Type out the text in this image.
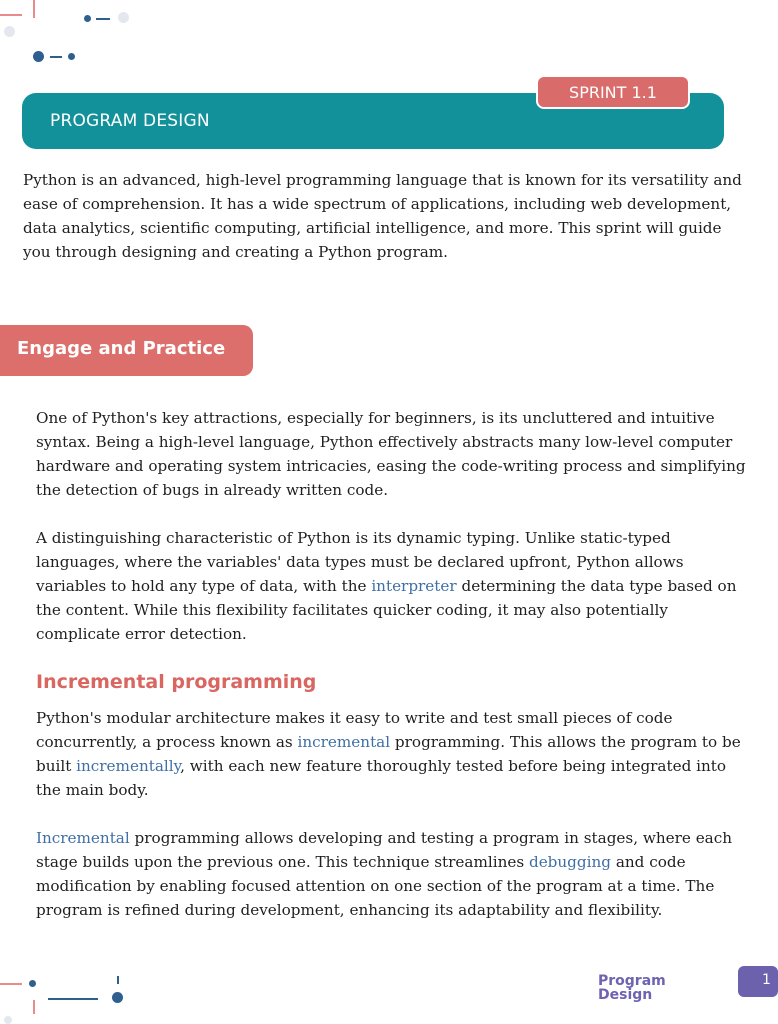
PROGRAM DESIGN
SPRINT 1.1

Python is an advanced, high-level programming language that is known for its versatility and ease of comprehension. It has a wide spectrum of applications, including web development, data analytics, scientific computing, artificial intelligence, and more. This sprint will guide you through designing and creating a Python program.

Engage and Practice

One of Python's key attractions, especially for beginners, is its uncluttered and intuitive syntax. Being a high-level language, Python effectively abstracts many low-level computer hardware and operating system intricacies, easing the code-writing process and simplifying the detection of bugs in already written code.

A distinguishing characteristic of Python is its dynamic typing. Unlike static-typed languages, where the variables' data types must be declared upfront, Python allows variables to hold any type of data, with the interpreter determining the data type based on the content. While this flexibility facilitates quicker coding, it may also potentially complicate error detection.

Incremental programming

Python's modular architecture makes it easy to write and test small pieces of code concurrently, a process known as incremental programming. This allows the program to be built incrementally, with each new feature thoroughly tested before being integrated into the main body.

Incremental programming allows developing and testing a program in stages, where each stage builds upon the previous one. This technique streamlines debugging and code modification by enabling focused attention on one section of the program at a time. The program is refined during development, enhancing its adaptability and flexibility.

Program Design
1
